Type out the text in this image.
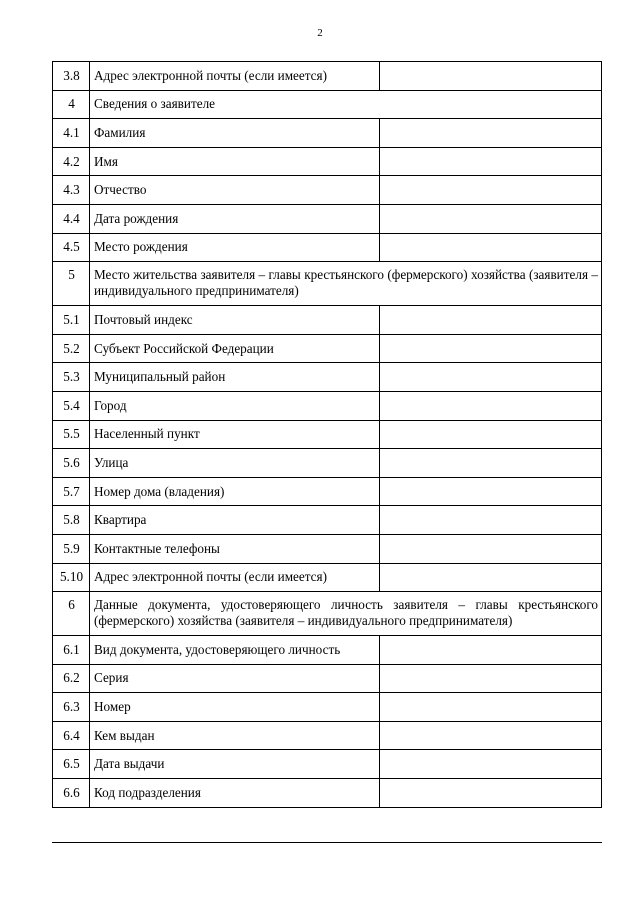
2
3.8	Адрес электронной почты (если имеется)	
4	Сведения о заявителе	
4.1	Фамилия	
4.2	Имя	
4.3	Отчество	
4.4	Дата рождения	
4.5	Место рождения	
5	Место жительства заявителя – главы крестьянского (фермерского) хозяйства (заявителя – индивидуального предпринимателя)	
5.1	Почтовый индекс	
5.2	Субъект Российской Федерации	
5.3	Муниципальный район	
5.4	Город	
5.5	Населенный пункт	
5.6	Улица	
5.7	Номер дома (владения)	
5.8	Квартира	
5.9	Контактные телефоны	
5.10	Адрес электронной почты (если имеется)	
6	Данные документа, удостоверяющего личность заявителя – главы крестьянского (фермерского) хозяйства (заявителя – индивидуального предпринимателя)	
6.1	Вид документа, удостоверяющего личность	
6.2	Серия	
6.3	Номер	
6.4	Кем выдан	
6.5	Дата выдачи	
6.6	Код подразделения	
